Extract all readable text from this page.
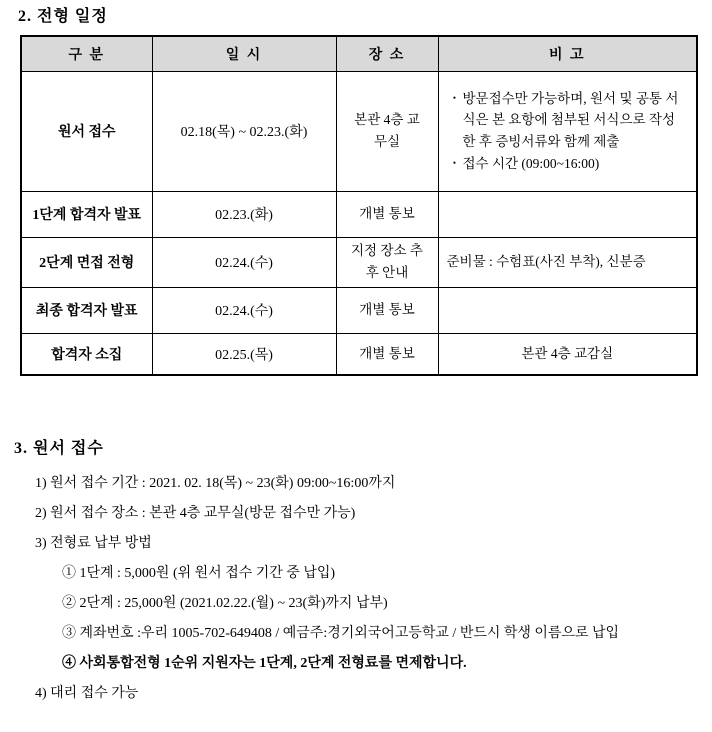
2. 전형 일정
구 분	일 시	장 소	비 고
원서 접수	02.18(목) ~ 02.23.(화)	본관 4층 교무실	• 방문접수만 가능하며, 원서 및 공통 서식은 본 요항에 첨부된 서식으로 작성한 후 증빙서류와 함께 제출
• 접수 시간 (09:00~16:00)

1단계 합격자 발표	02.23.(화)	개별 통보	
2단계 면접 전형	02.24.(수)	지정 장소 추후 안내	준비물 : 수험표(사진 부착), 신분증
최종 합격자 발표	02.24.(수)	개별 통보	
합격자 소집	02.25.(목)	개별 통보	본관 4층 교감실
3. 원서 접수
1) 원서 접수 기간 : 2021. 02. 18(목) ~ 23(화) 09:00~16:00까지
2) 원서 접수 장소 : 본관 4층 교무실(방문 접수만 가능)
3) 전형료 납부 방법
① 1단계 : 5,000원 (위 원서 접수 기간 중 납입)
② 2단계 : 25,000원 (2021.02.22.(월) ~ 23(화)까지 납부)
③ 계좌번호 :우리 1005-702-649408 / 예금주:경기외국어고등학교 / 반드시 학생 이름으로 납입
④ 사회통합전형 1순위 지원자는 1단계, 2단계 전형료를 면제합니다.
4) 대리 접수 가능
